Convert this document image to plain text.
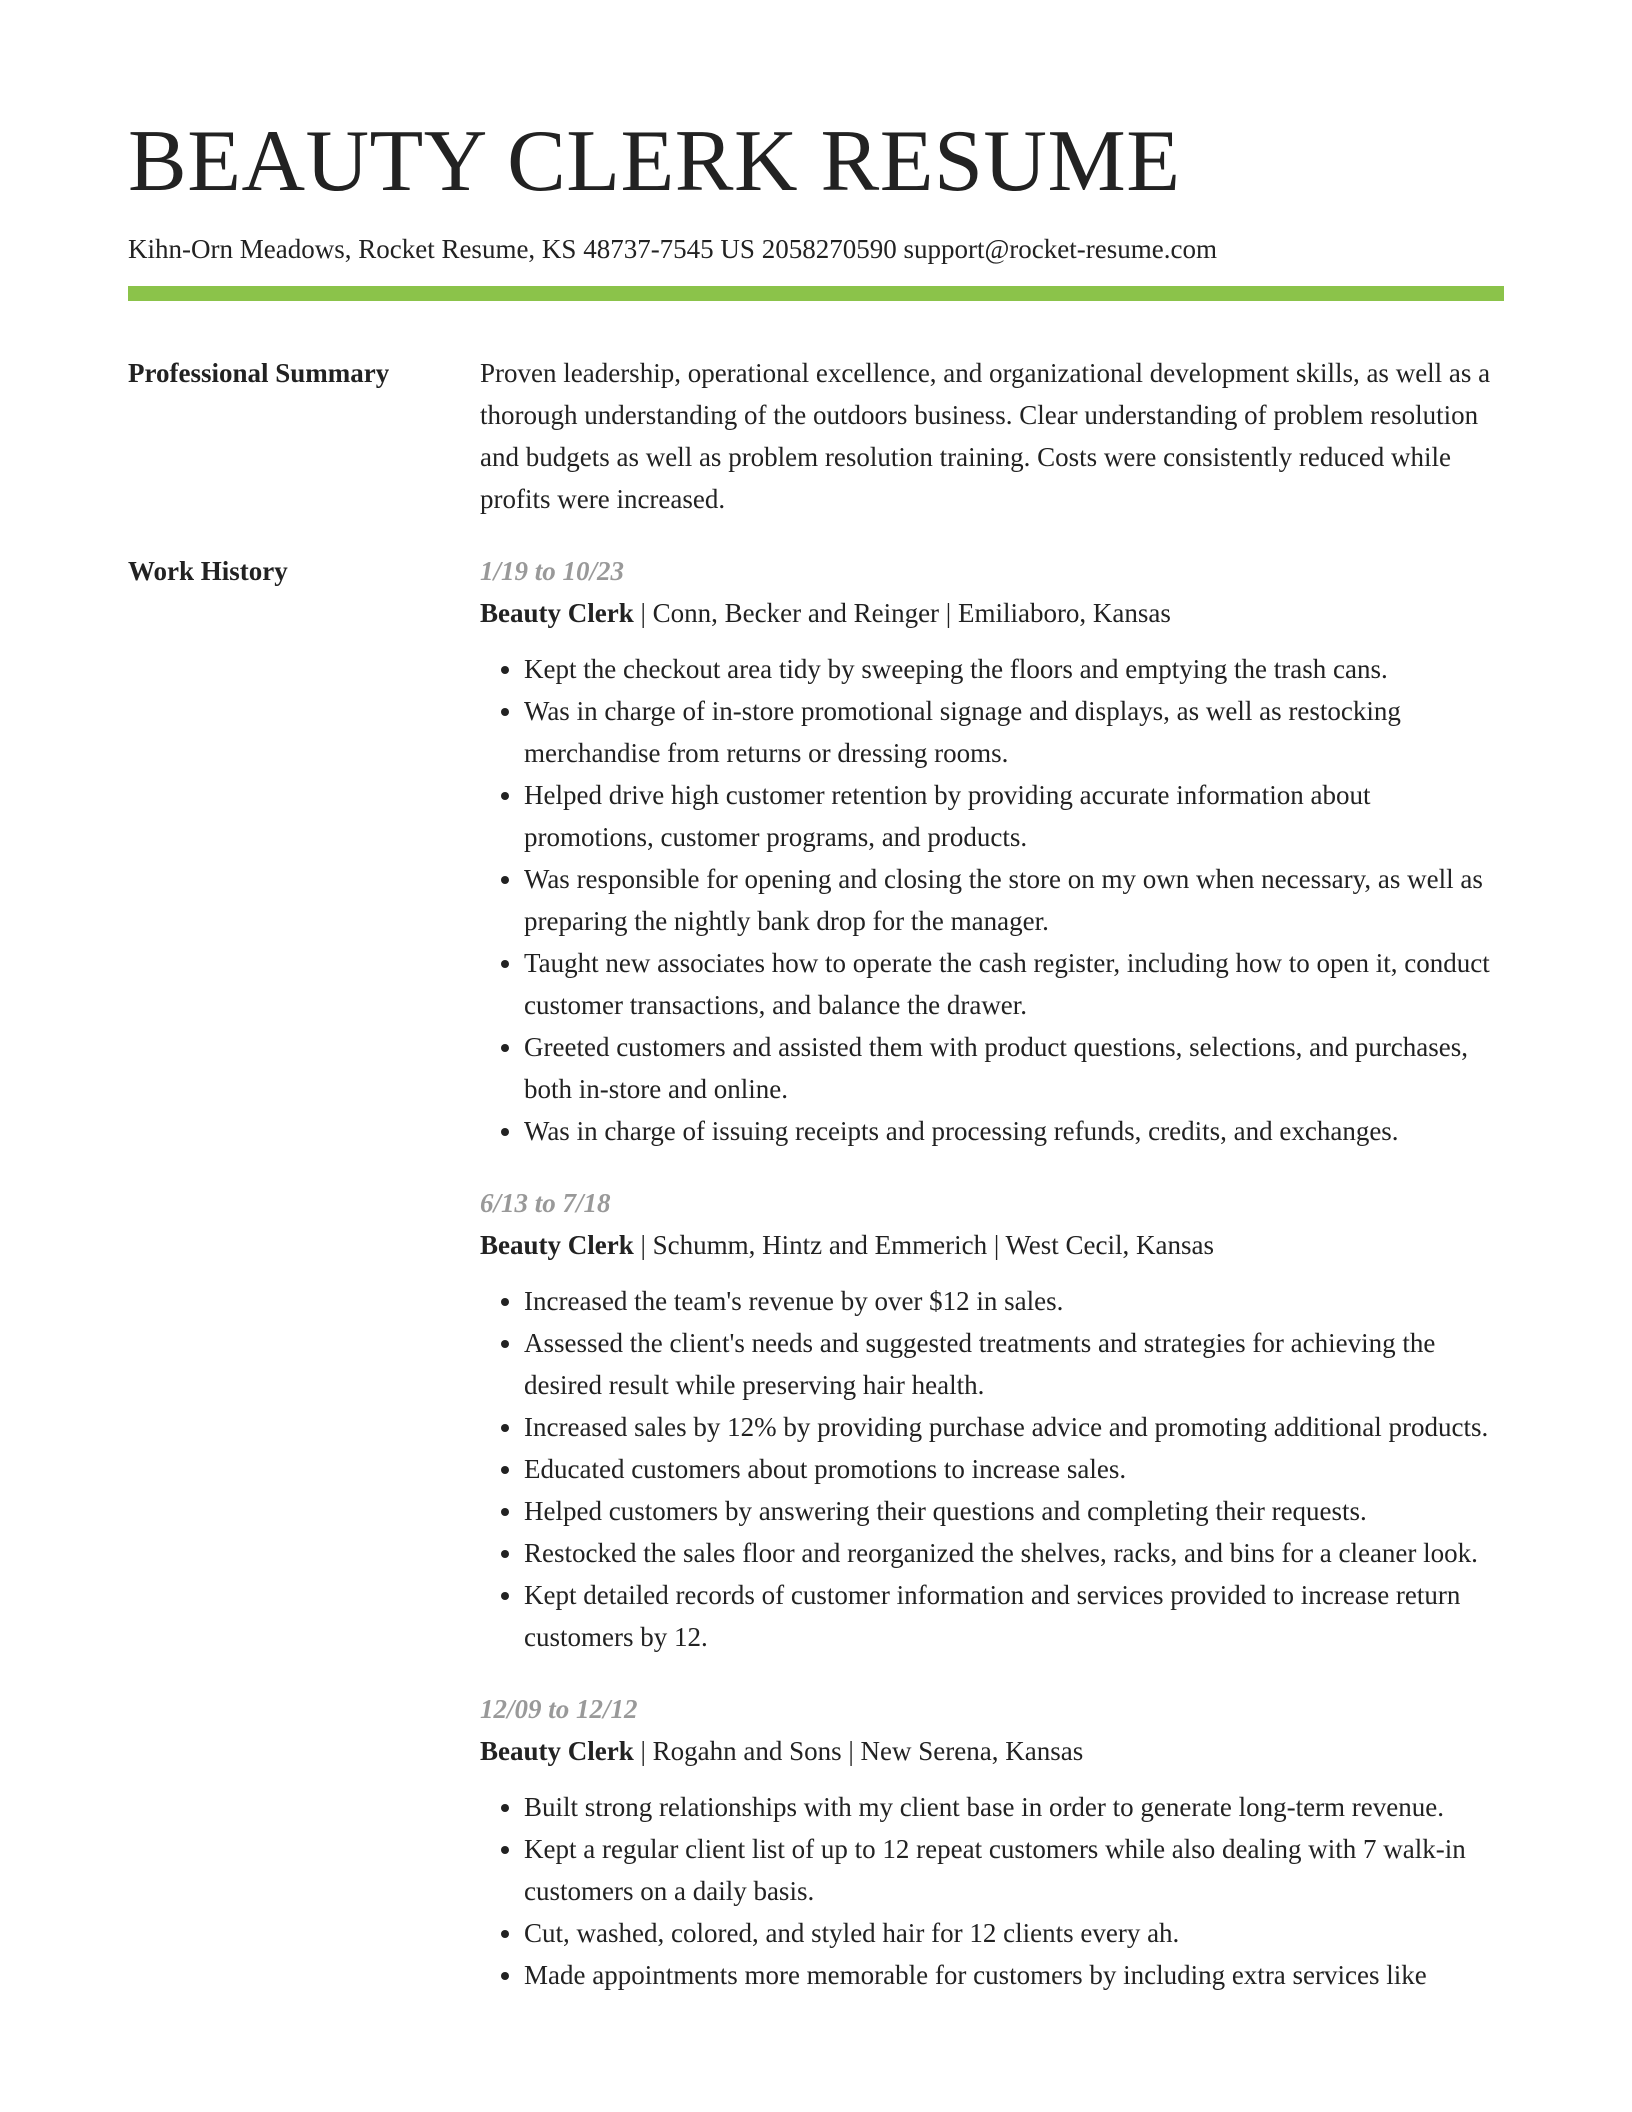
BEAUTY CLERK RESUME
Kihn-Orn Meadows, Rocket Resume, KS 48737-7545 US 2058270590 support@rocket-resume.com
Professional Summary	Proven leadership, operational excellence, and organizational development skills, as well as a thorough understanding of the outdoors business. Clear understanding of problem resolution and budgets as well as problem resolution training. Costs were consistently reduced while profits were increased.

Work History	1/19 to 10/23
Beauty Clerk | Conn, Becker and Reinger | Emiliaboro, Kansas
• Kept the checkout area tidy by sweeping the floors and emptying the trash cans.
• Was in charge of in-store promotional signage and displays, as well as restocking merchandise from returns or dressing rooms.
• Helped drive high customer retention by providing accurate information about promotions, customer programs, and products.
• Was responsible for opening and closing the store on my own when necessary, as well as preparing the nightly bank drop for the manager.
• Taught new associates how to operate the cash register, including how to open it, conduct customer transactions, and balance the drawer.
• Greeted customers and assisted them with product questions, selections, and purchases, both in-store and online.
• Was in charge of issuing receipts and processing refunds, credits, and exchanges.
6/13 to 7/18
Beauty Clerk | Schumm, Hintz and Emmerich | West Cecil, Kansas
• Increased the team's revenue by over $12 in sales.
• Assessed the client's needs and suggested treatments and strategies for achieving the desired result while preserving hair health.
• Increased sales by 12% by providing purchase advice and promoting additional products.
• Educated customers about promotions to increase sales.
• Helped customers by answering their questions and completing their requests.
• Restocked the sales floor and reorganized the shelves, racks, and bins for a cleaner look.
• Kept detailed records of customer information and services provided to increase return customers by 12.
12/09 to 12/12
Beauty Clerk | Rogahn and Sons | New Serena, Kansas
• Built strong relationships with my client base in order to generate long-term revenue.
• Kept a regular client list of up to 12 repeat customers while also dealing with 7 walk-in customers on a daily basis.
• Cut, washed, colored, and styled hair for 12 clients every ah.
• Made appointments more memorable for customers by including extra services like
